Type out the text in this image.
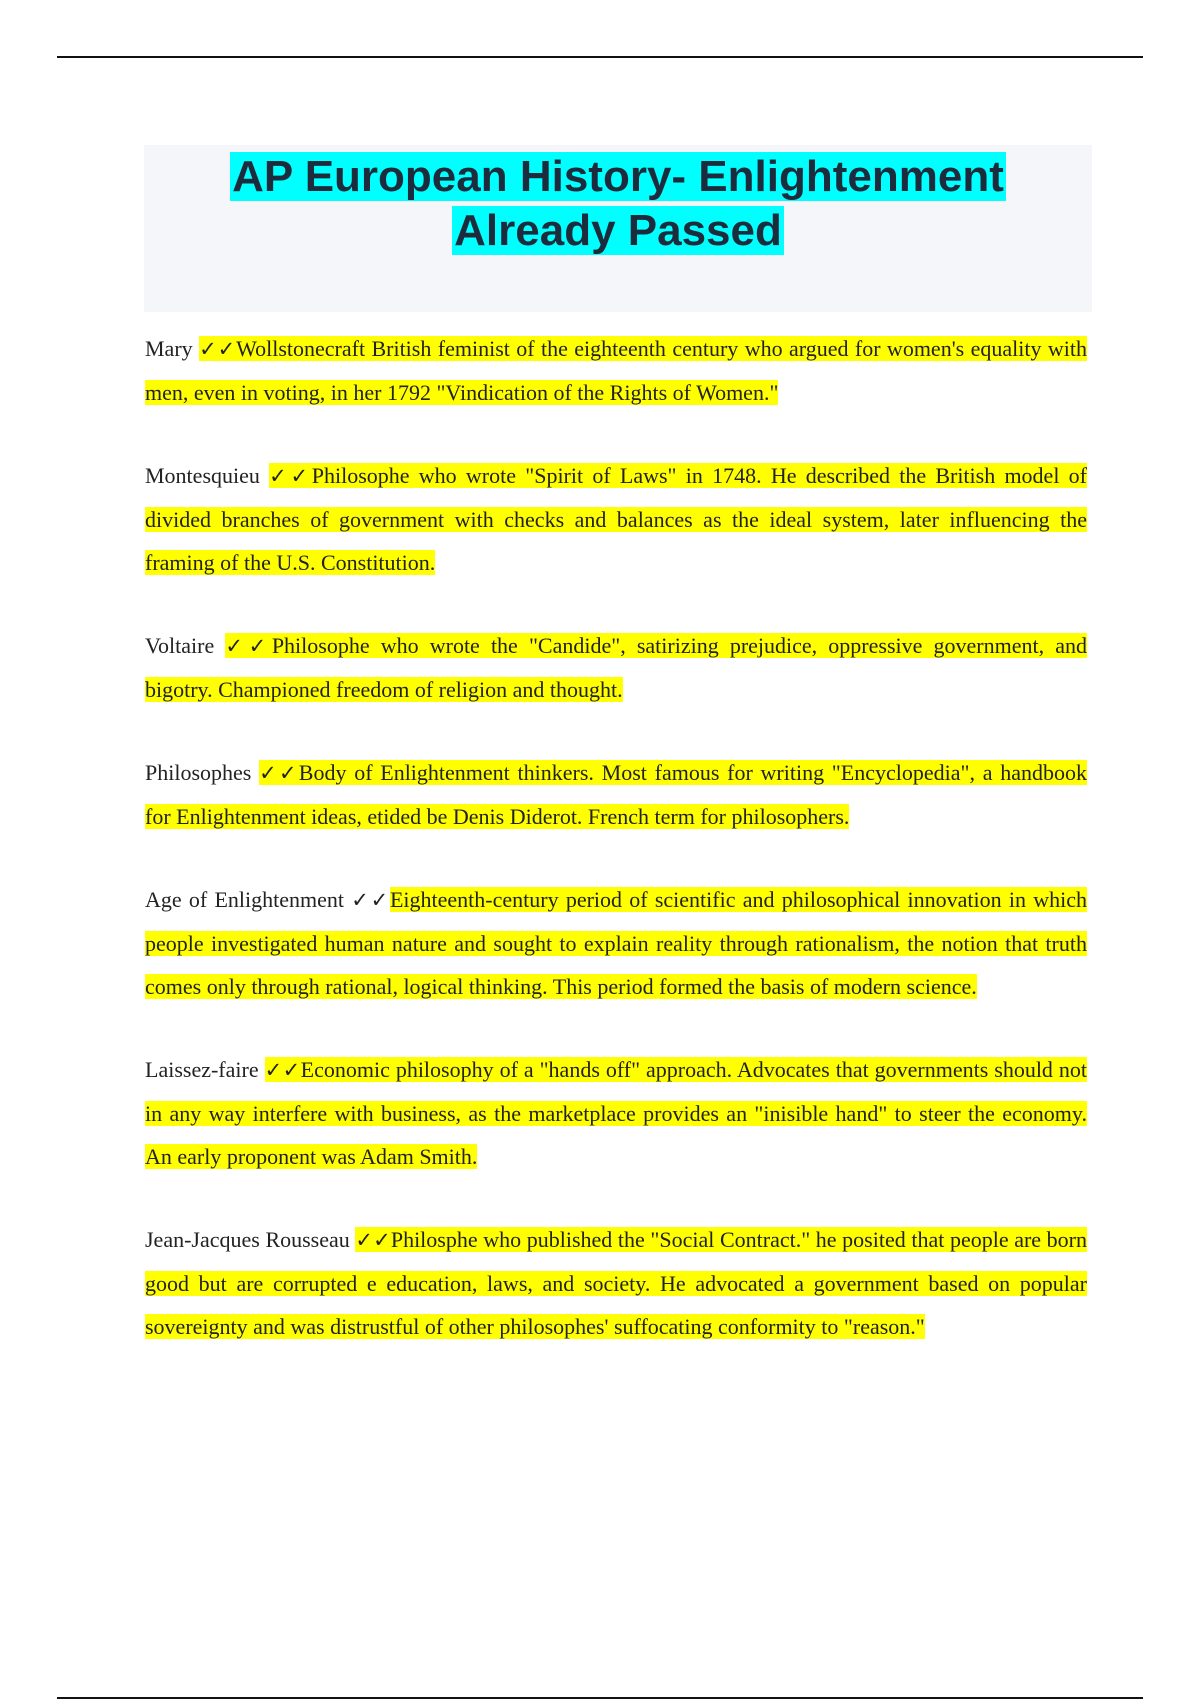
AP European History- Enlightenment
Already Passed

Mary ✓✓Wollstonecraft British feminist of the eighteenth century who argued for women's equality with men, even in voting, in her 1792 "Vindication of the Rights of Women."

Montesquieu ✓✓Philosophe who wrote "Spirit of Laws" in 1748. He described the British model of divided branches of government with checks and balances as the ideal system, later influencing the framing of the U.S. Constitution.

Voltaire ✓✓Philosophe who wrote the "Candide", satirizing prejudice, oppressive government, and bigotry. Championed freedom of religion and thought.

Philosophes ✓✓Body of Enlightenment thinkers. Most famous for writing "Encyclopedia", a handbook for Enlightenment ideas, etided be Denis Diderot. French term for philosophers.

Age of Enlightenment ✓✓Eighteenth-century period of scientific and philosophical innovation in which people investigated human nature and sought to explain reality through rationalism, the notion that truth comes only through rational, logical thinking. This period formed the basis of modern science.

Laissez-faire ✓✓Economic philosophy of a "hands off" approach. Advocates that governments should not in any way interfere with business, as the marketplace provides an "inisible hand" to steer the economy. An early proponent was Adam Smith.

Jean-Jacques Rousseau ✓✓Philosphe who published the "Social Contract." he posited that people are born good but are corrupted e education, laws, and society. He advocated a government based on popular sovereignty and was distrustful of other philosophes' suffocating conformity to "reason."
